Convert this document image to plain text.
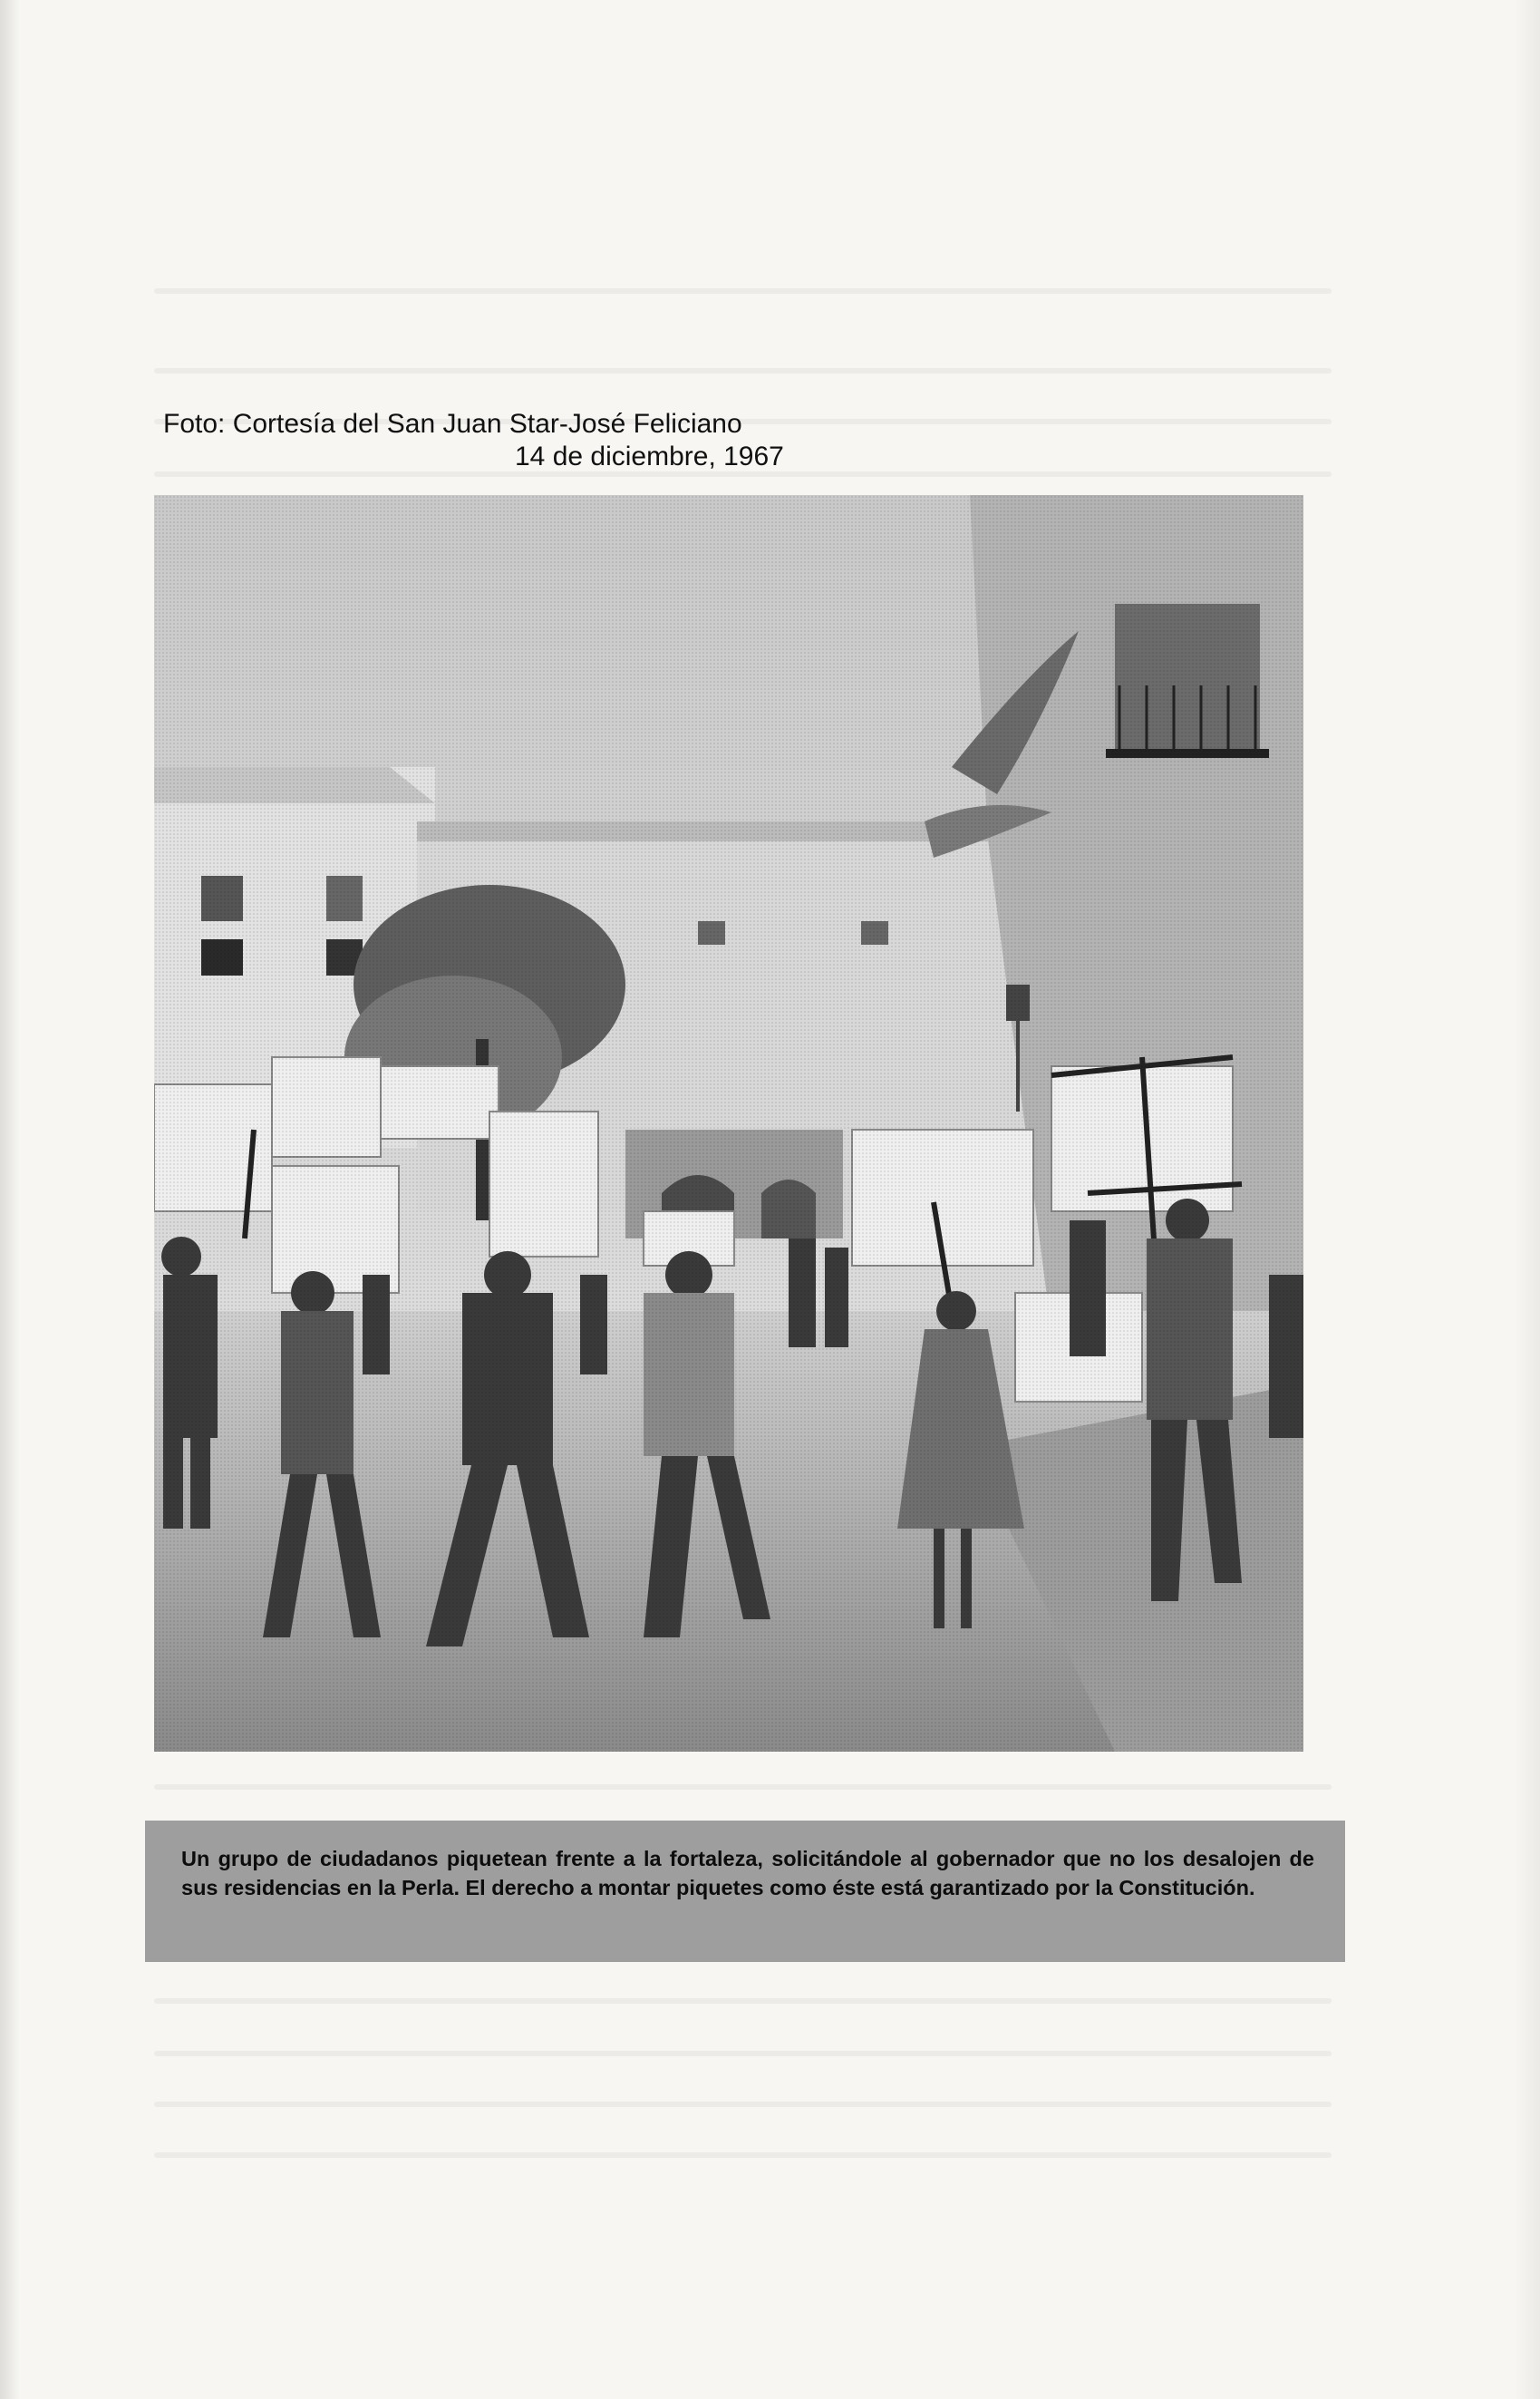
Foto: Cortesía del San Juan Star-José Feliciano
14 de diciembre, 1967

Un grupo de ciudadanos piquetean frente a la fortaleza, solicitándole al gobernador que no los desalojen de sus residencias en la Perla. El derecho a montar piquetes como éste está garantizado por la Constitución.
